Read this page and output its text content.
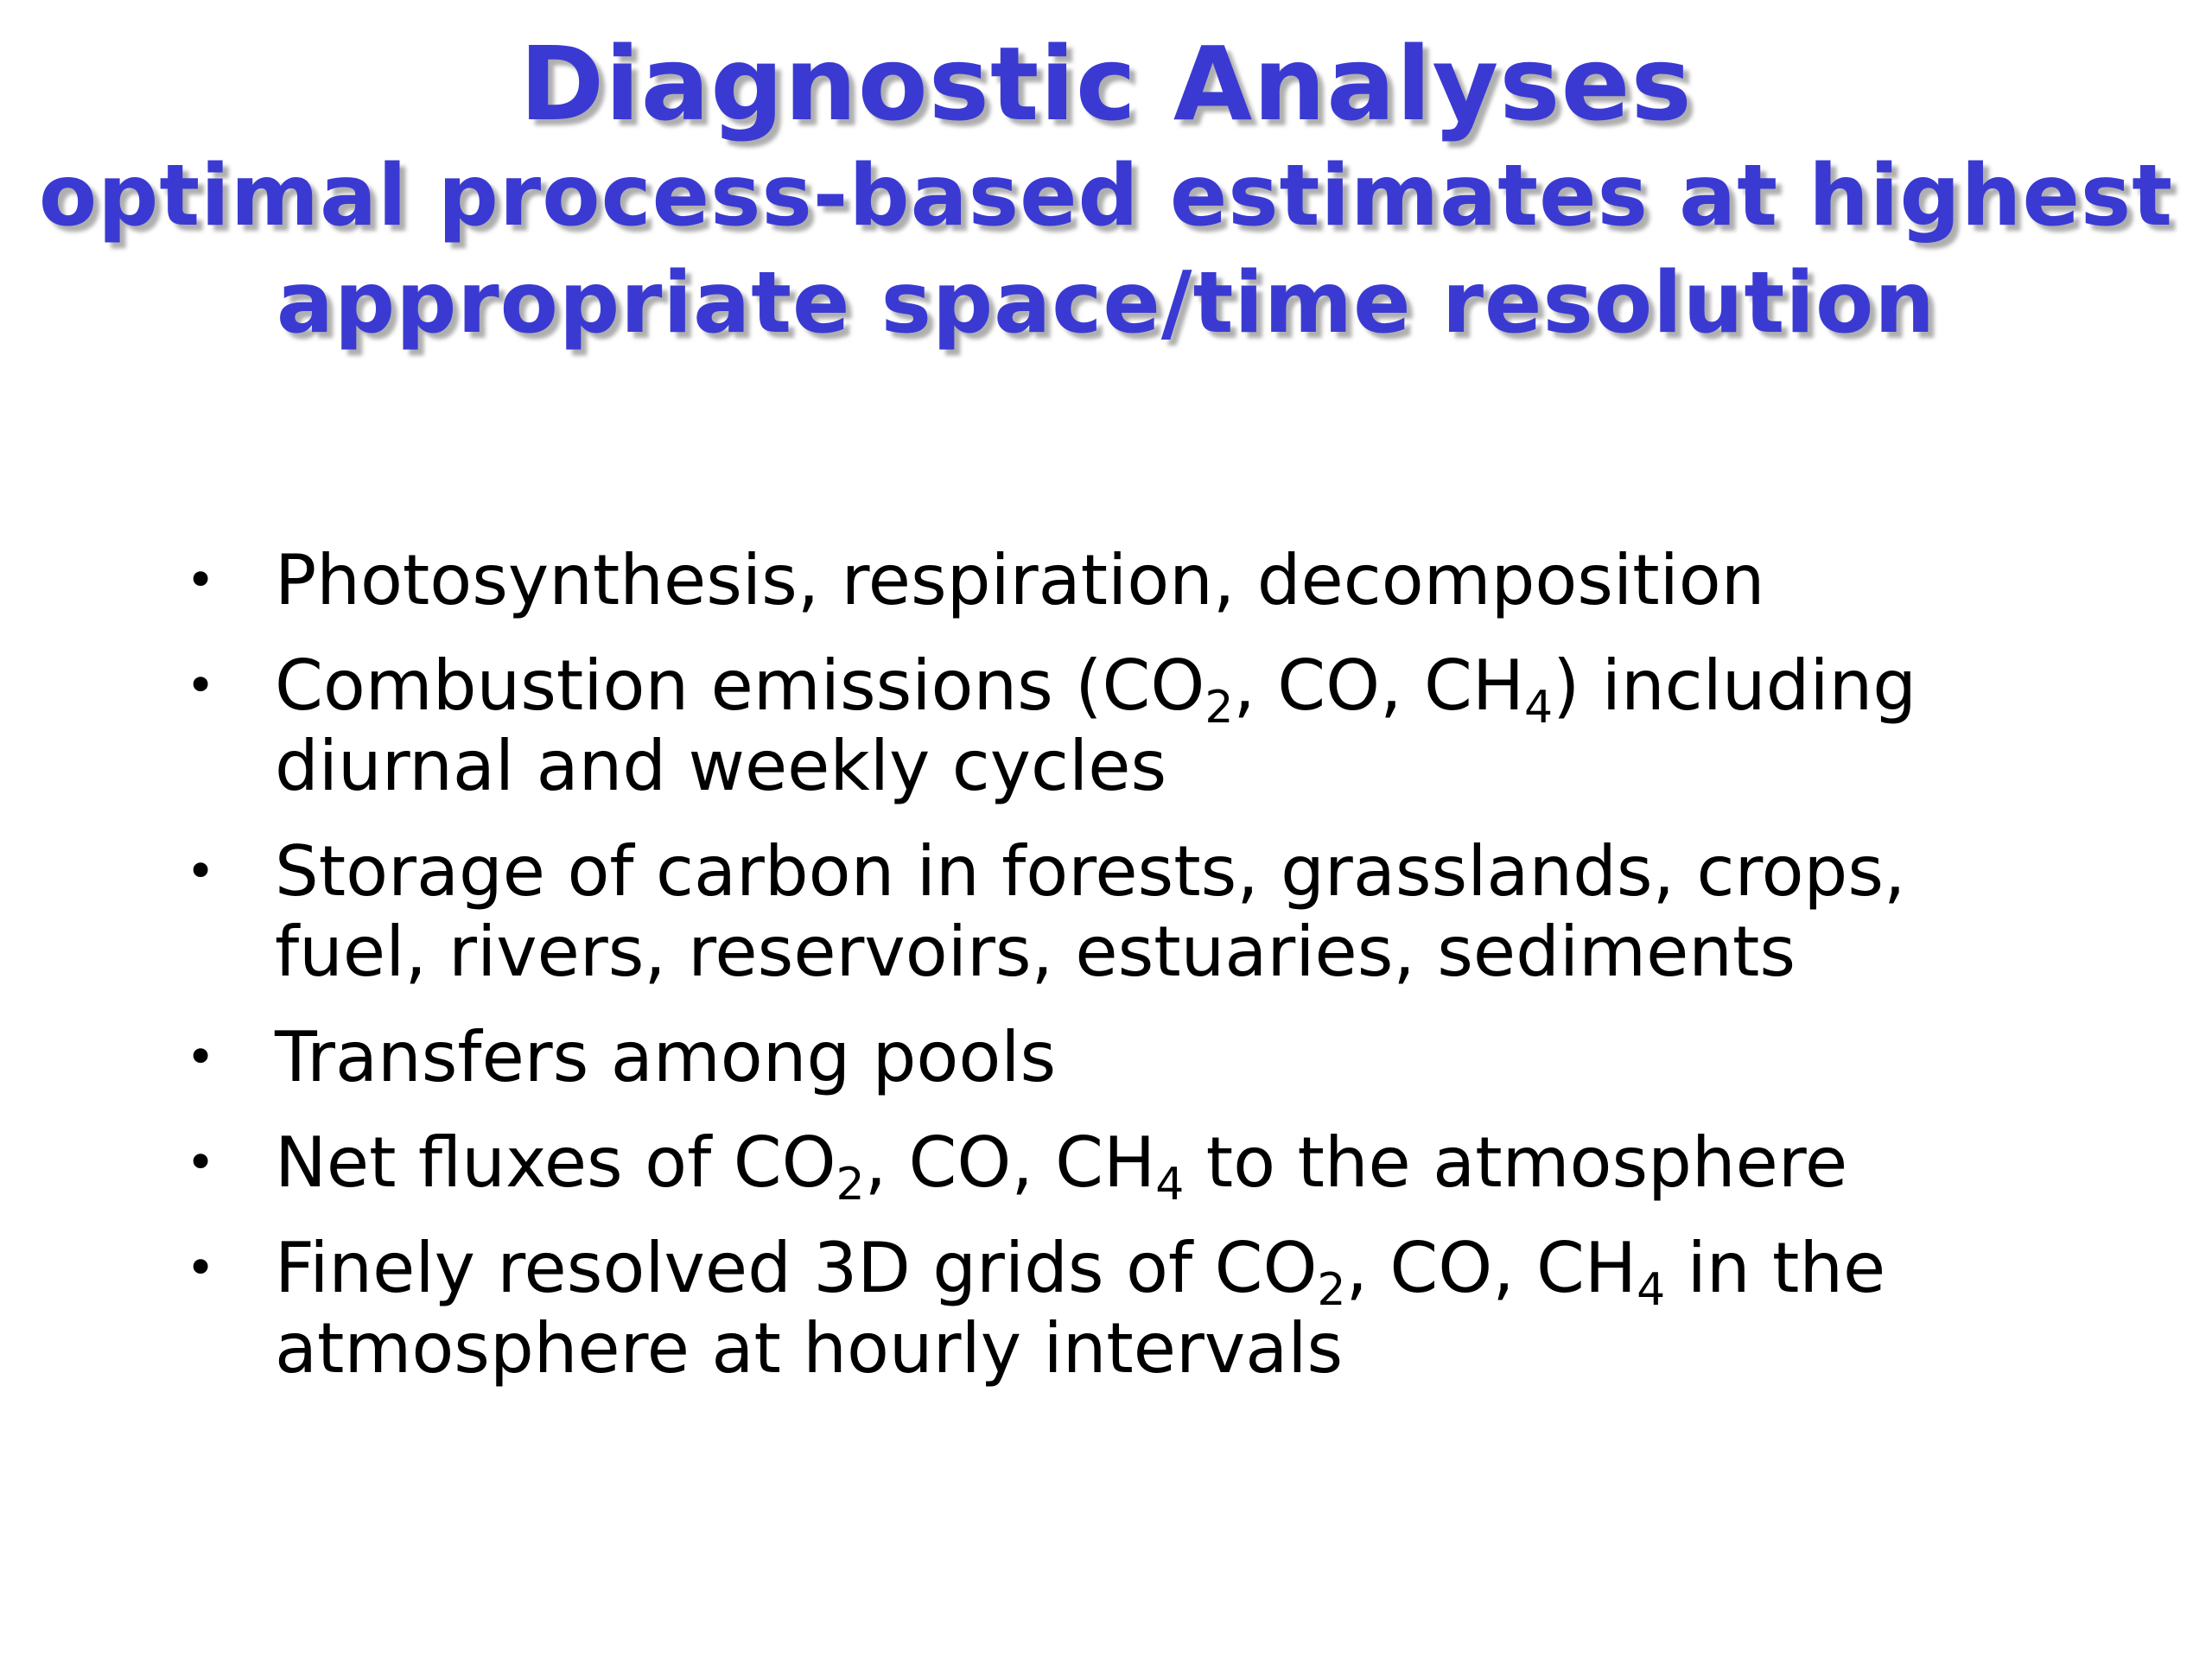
Diagnostic Analyses
optimal process-based estimates at highest
appropriate space/time resolution
• Photosynthesis, respiration, decomposition
• Combustion emissions ($CO_2$, CO, $CH_4$) including
diurnal and weekly cycles
• Storage of carbon in forests, grasslands, crops,
fuel, rivers, reservoirs, estuaries, sediments
• Transfers among pools
• Net fluxes of $CO_2$, CO, $CH_4$ to the atmosphere
• Finely resolved 3D grids of $CO_2$, CO, $CH_4$ in the
atmosphere at hourly intervals
